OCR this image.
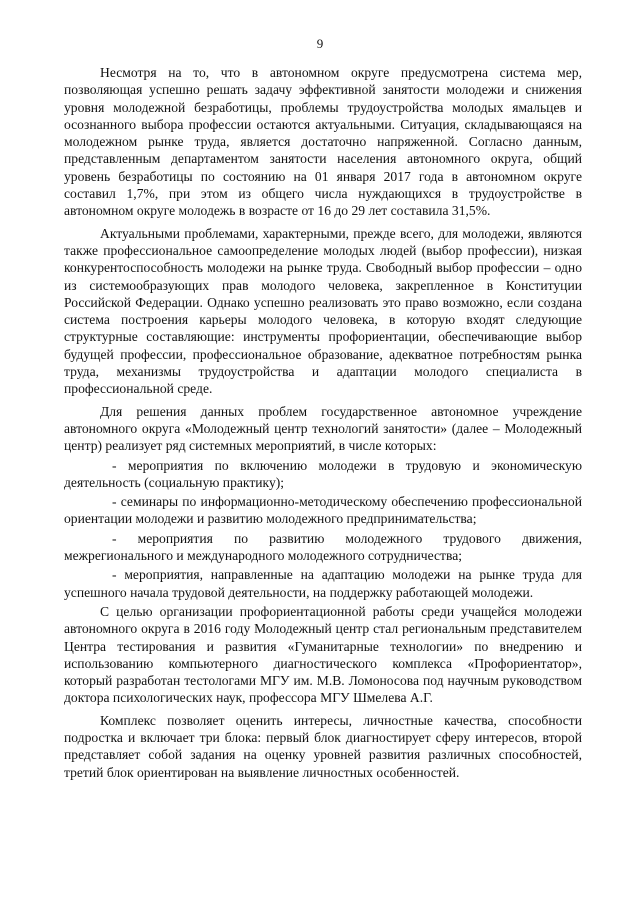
9

Несмотря на то, что в автономном округе предусмотрена система мер, позволяющая успешно решать задачу эффективной занятости молодежи и снижения уровня молодежной безработицы, проблемы трудоустройства молодых ямальцев и осознанного выбора профессии остаются актуальными. Ситуация, складывающаяся на молодежном рынке труда, является достаточно напряженной. Согласно данным, представленным департаментом занятости населения автономного округа, общий уровень безработицы по состоянию на 01 января 2017 года в автономном округе составил 1,7%, при этом из общего числа нуждающихся в трудоустройстве в автономном округе молодежь в возрасте от 16 до 29 лет составила 31,5%.

Актуальными проблемами, характерными, прежде всего, для молодежи, являются также профессиональное самоопределение молодых людей (выбор профессии), низкая конкурентоспособность молодежи на рынке труда. Свободный выбор профессии – одно из системообразующих прав молодого человека, закрепленное в Конституции Российской Федерации. Однако успешно реализовать это право возможно, если создана система построения карьеры молодого человека, в которую входят следующие структурные составляющие: инструменты профориентации, обеспечивающие выбор будущей профессии, профессиональное образование, адекватное потребностям рынка труда, механизмы трудоустройства и адаптации молодого специалиста в профессиональной среде.

Для решения данных проблем государственное автономное учреждение автономного округа «Молодежный центр технологий занятости» (далее – Молодежный центр) реализует ряд системных мероприятий, в числе которых:

- мероприятия по включению молодежи в трудовую и экономическую деятельность (социальную практику);

- семинары по информационно-методическому обеспечению профессиональной ориентации молодежи и развитию молодежного предпринимательства;

- мероприятия по развитию молодежного трудового движения, межрегионального и международного молодежного сотрудничества;

- мероприятия, направленные на адаптацию молодежи на рынке труда для успешного начала трудовой деятельности, на поддержку работающей молодежи.

С целью организации профориентационной работы среди учащейся молодежи автономного округа в 2016 году Молодежный центр стал региональным представителем Центра тестирования и развития «Гуманитарные технологии» по внедрению и использованию компьютерного диагностического комплекса «Профориентатор», который разработан тестологами МГУ им. М.В. Ломоносова под научным руководством доктора психологических наук, профессора МГУ Шмелева А.Г.

Комплекс позволяет оценить интересы, личностные качества, способности подростка и включает три блока: первый блок диагностирует сферу интересов, второй представляет собой задания на оценку уровней развития различных способностей, третий блок ориентирован на выявление личностных особенностей.
